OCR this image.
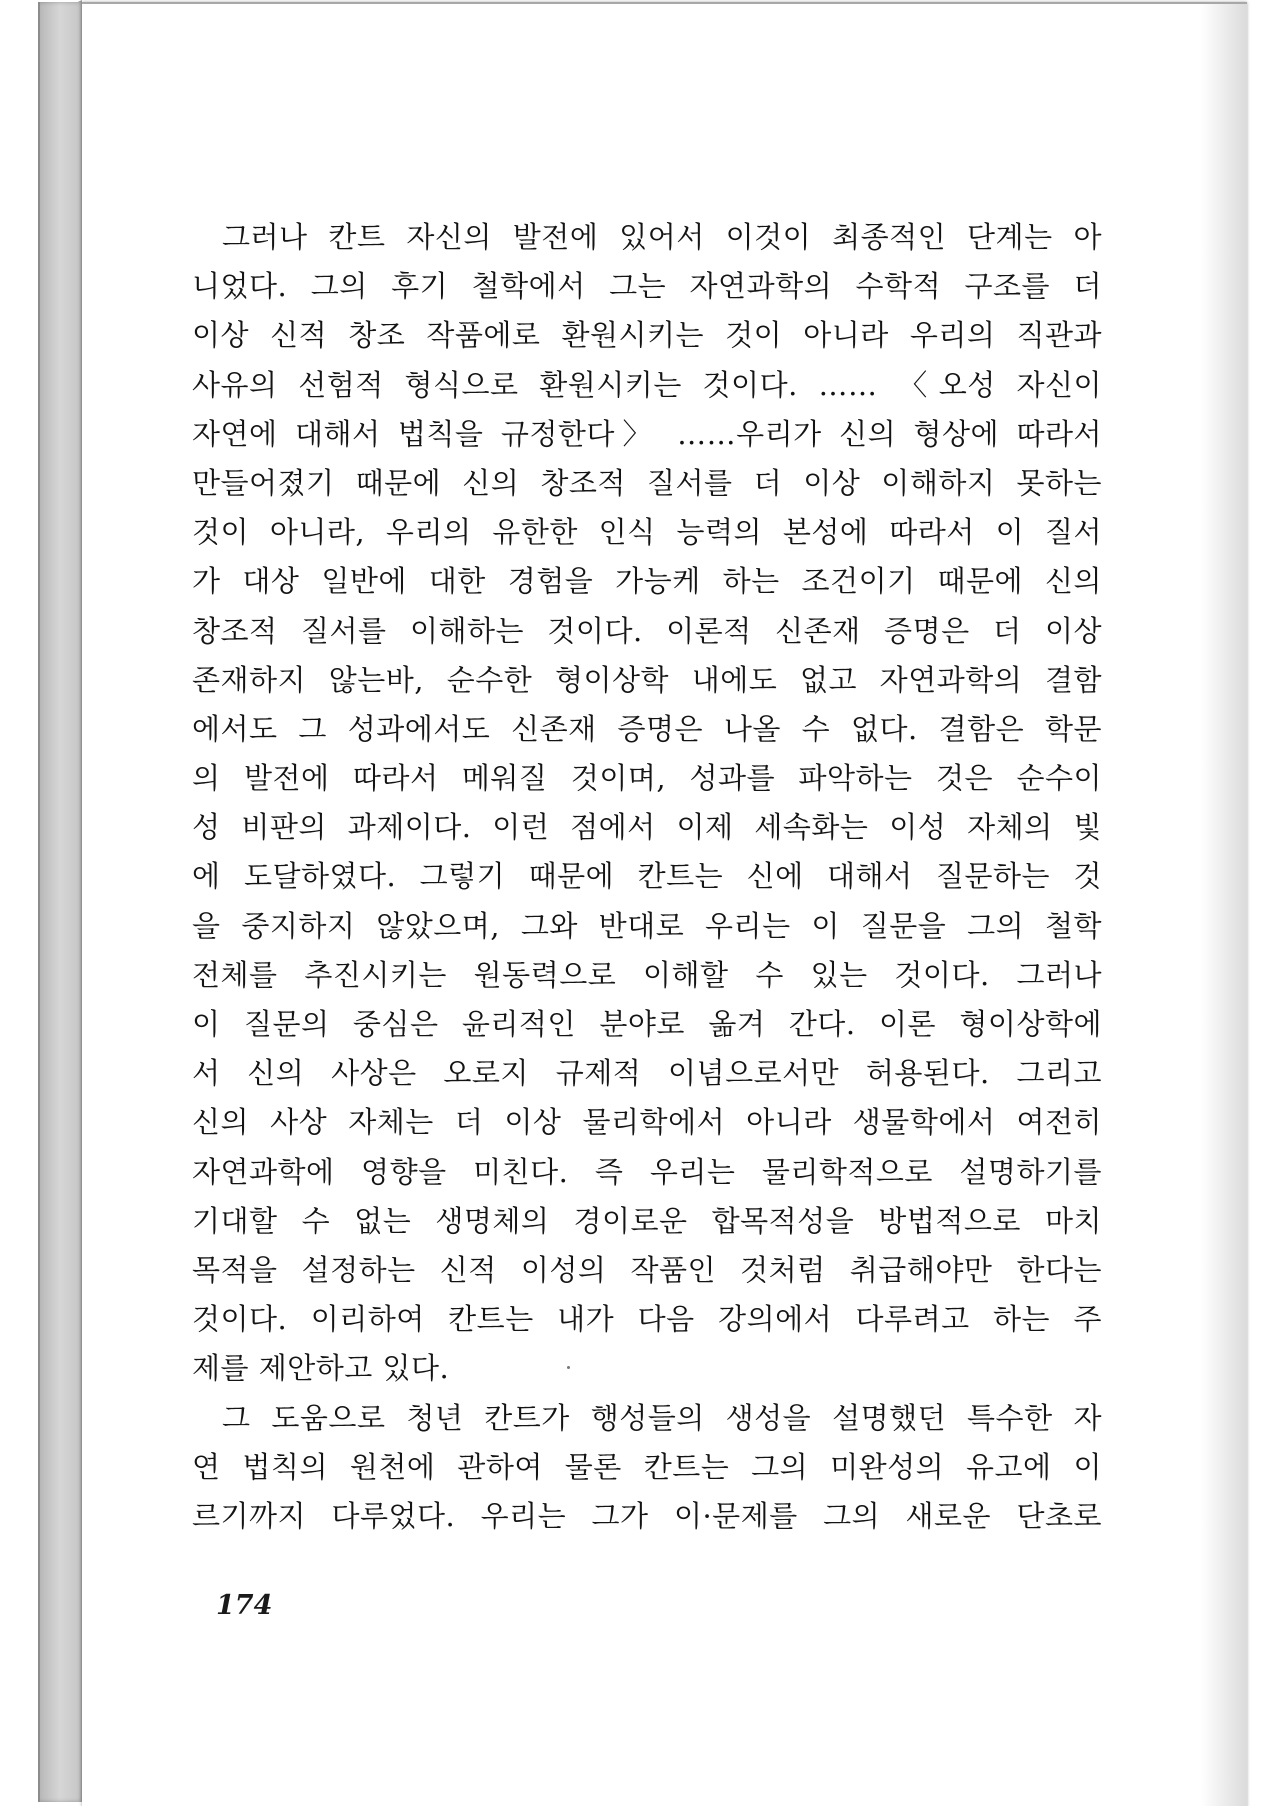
그러나 칸트 자신의 발전에 있어서 이것이 최종적인 단계는 아
니었다. 그의 후기 철학에서 그는 자연과학의 수학적 구조를 더
이상 신적 창조 작품에로 환원시키는 것이 아니라 우리의 직관과
사유의 선험적 형식으로 환원시키는 것이다. …… 〈오성 자신이
자연에 대해서 법칙을 규정한다〉 ……우리가 신의 형상에 따라서
만들어졌기 때문에 신의 창조적 질서를 더 이상 이해하지 못하는
것이 아니라, 우리의 유한한 인식 능력의 본성에 따라서 이 질서
가 대상 일반에 대한 경험을 가능케 하는 조건이기 때문에 신의
창조적 질서를 이해하는 것이다. 이론적 신존재 증명은 더 이상
존재하지 않는바, 순수한 형이상학 내에도 없고 자연과학의 결함
에서도 그 성과에서도 신존재 증명은 나올 수 없다. 결함은 학문
의 발전에 따라서 메워질 것이며, 성과를 파악하는 것은 순수이
성 비판의 과제이다. 이런 점에서 이제 세속화는 이성 자체의 빛
에 도달하였다. 그렇기 때문에 칸트는 신에 대해서 질문하는 것
을 중지하지 않았으며, 그와 반대로 우리는 이 질문을 그의 철학
전체를 추진시키는 원동력으로 이해할 수 있는 것이다. 그러나
이 질문의 중심은 윤리적인 분야로 옮겨 간다. 이론 형이상학에
서 신의 사상은 오로지 규제적 이념으로서만 허용된다. 그리고
신의 사상 자체는 더 이상 물리학에서 아니라 생물학에서 여전히
자연과학에 영향을 미친다. 즉 우리는 물리학적으로 설명하기를
기대할 수 없는 생명체의 경이로운 합목적성을 방법적으로 마치
목적을 설정하는 신적 이성의 작품인 것처럼 취급해야만 한다는
것이다. 이리하여 칸트는 내가 다음 강의에서 다루려고 하는 주
제를 제안하고 있다.
그 도움으로 청년 칸트가 행성들의 생성을 설명했던 특수한 자
연 법칙의 원천에 관하여 물론 칸트는 그의 미완성의 유고에 이
르기까지 다루었다. 우리는 그가 이·문제를 그의 새로운 단초로
174
